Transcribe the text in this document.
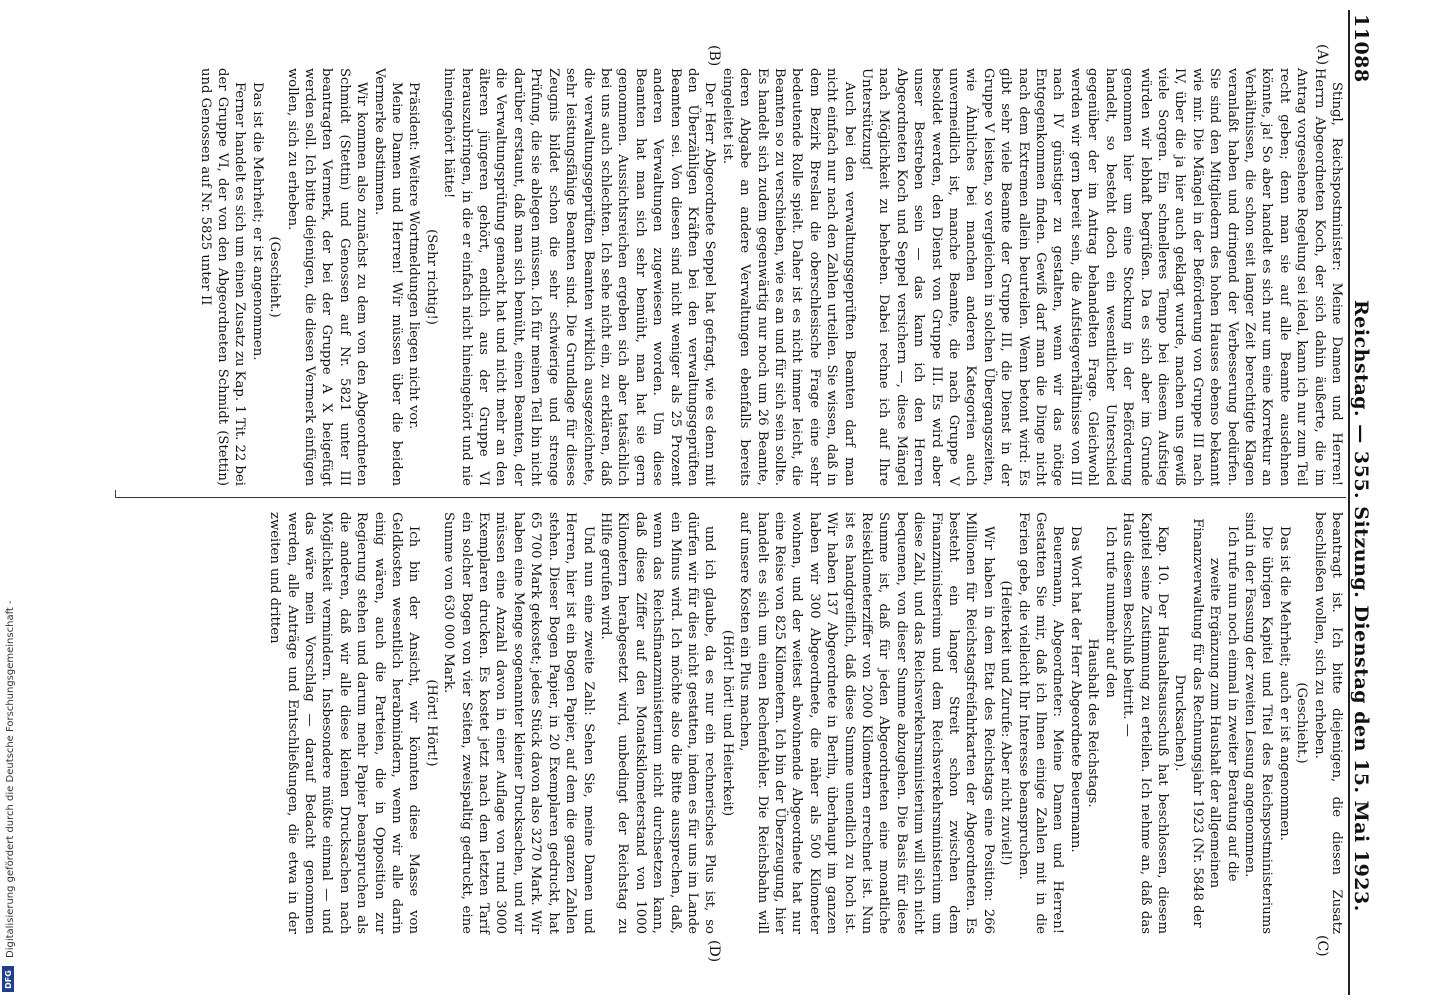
11088
Reichstag. — 355. Sitzung. Dienstag den 15. Mai 1923.
(A)
(B)
(C)
(D)

Stingl, Reichspostminister: Meine Damen und Herren! Herrn Abgeordneten Koch, der sich dahin äußerte, die im Antrag vorgesehene Regelung sei ideal, kann ich nur zum Teil recht geben; denn man sie auf alle Beamte ausdehnen könnte, ja! So aber handelt es sich nur um eine Korrektur an Verhältnissen, die schon seit langer Zeit berechtigte Klagen veranlaßt haben und dringend der Verbesserung bedürfen. Sie sind den Mitgliedern des hohen Hauses ebenso bekannt wie mir. Die Mängel in der Beförderung von Gruppe III nach IV, über die ja hier auch geklagt wurde, machen uns gewiß viele Sorgen. Ein schnelleres Tempo bei diesem Aufstieg würden wir lebhaft begrüßen. Da es sich aber im Grunde genommen hier um eine Stockung in der Beförderung handelt, so besteht doch ein wesentlicher Unterschied gegenüber der im Antrag behandelten Frage. Gleichwohl werden wir gern bereit sein, die Aufstiegverhältnisse von III nach IV günstiger zu gestalten, wenn wir das nötige Entgegenkommen finden. Gewiß darf man die Dinge nicht nach dem Extremen allein beurteilen. Wenn betont wird: Es gibt sehr viele Beamte der Gruppe III, die Dienst in der Gruppe V leisten, so vergleichen in solchen Übergangszeiten, wie Ähnliches bei manchen anderen Kategorien auch unvermeidlich ist, manche Beamte, die nach Gruppe V besoldet werden, den Dienst von Gruppe III. Es wird aber unser Bestreben sein — das kann ich den Herren Abgeordneten Koch und Seppel versichern —, diese Mängel nach Möglichkeit zu beheben. Dabei rechne ich auf Ihre Unterstützung!

Auch bei den verwaltungsgeprüften Beamten darf man nicht einfach nur nach den Zahlen urteilen. Sie wissen, daß in dem Bezirk Breslau die oberschlesische Frage eine sehr bedeutende Rolle spielt. Daher ist es nicht immer leicht, die Beamten so zu verschieben, wie es an und für sich sein sollte. Es handelt sich zudem gegenwärtig nur noch um 26 Beamte, deren Abgabe an andere Verwaltungen ebenfalls bereits eingeleitet ist.

Der Herr Abgeordnete Seppel hat gefragt, wie es denn mit den Überzähligen Kräften bei den verwaltungsgeprüften Beamten sei. Von diesen sind nicht weniger als 25 Prozent anderen Verwaltungen zugewiesen worden. Um diese Beamten hat man sich sehr bemüht, man hat sie gern genommen. Aussichtsreichen ergeben sich aber tatsächlich bei uns auch schlechten. Ich sehe nicht ein, zu erklären, daß die verwaltungsgeprüften Beamten wirklich ausgezeichnete, sehr leistungsfähige Beamten sind. Die Grundlage für dieses Zeugnis bildet schon die sehr schwierige und strenge Prüfung, die sie ablegen müssen. Ich für meinen Teil bin nicht darüber erstaunt, daß man sich bemüht, einen Beamten, der die Verwaltungsprüfung gemacht hat und nicht mehr an den älteren jüngeren gehört, endlich aus der Gruppe VI herauszubringen, in die er einfach nicht hineingehört und nie hineingehört hätte!

(Sehr richtig!)

Präsident: Weitere Wortmeldungen liegen nicht vor.

Meine Damen und Herren! Wir müssen über die beiden Vermerke abstimmen.

Wir kommen also zunächst zu dem von den Abgeordneten Schmidt (Stettin) und Genossen auf Nr. 5821 unter III beantragten Vermerk, der bei der Gruppe A X beigefügt werden soll. Ich bitte diejenigen, die diesen Vermerk einfügen wollen, sich zu erheben.

(Geschieht.)

Das ist die Mehrheit; er ist angenommen.

Ferner handelt es sich um einen Zusatz zu Kap. 1 Tit. 22 bei der Gruppe VI, der von den Abgeordneten Schmidt (Stettin) und Genossen auf Nr. 5825 unter II

beantragt ist. Ich bitte diejenigen, die diesen Zusatz beschließen wollen, sich zu erheben.

(Geschieht.)

Das ist die Mehrheit; auch er ist angenommen.

Die übrigen Kapitel und Titel des Reichspostministeriums sind in der Fassung der zweiten Lesung angenommen.

Ich rufe nun noch einmal in zweiter Beratung auf die

zweite Ergänzung zum Haushalt der allgemeinen Finanzverwaltung für das Rechnungsjahr 1923 (Nr. 5848 der Drucksachen).

Kap. 10. Der Haushaltsausschuß hat beschlossen, diesem Kapitel seine Zustimmung zu erteilen. Ich nehme an, daß das Haus diesem Beschluß beitritt. —

Ich rufe nunmehr auf den

Haushalt des Reichstags.

Das Wort hat der Herr Abgeordnete Beuermann.

Beuermann, Abgeordneter: Meine Damen und Herren! Gestatten Sie mir, daß ich Ihnen einige Zahlen mit in die Ferien gebe, die vielleicht Ihr Interesse beanspruchen.

(Heiterkeit und Zurufe: Aber nicht zuviel!)

Wir haben in dem Etat des Reichstags eine Position: 266 Millionen für Reichstagsfreifahrkarten der Abgeordneten. Es besteht ein langer Streit schon zwischen dem Finanzministerium und dem Reichsverkehrsministerium um diese Zahl, und das Reichsverkehrsministerium will sich nicht bequemen, von dieser Summe abzugehen. Die Basis für diese Summe ist, daß für jeden Abgeordneten eine monatliche Reisekilometerziffer von 2000 Kilometern errechnet ist. Nun ist es handgreiflich, daß diese Summe unendlich zu hoch ist. Wir haben 137 Abgeordnete in Berlin, überhaupt im ganzen haben wir 300 Abgeordnete, die näher als 500 Kilometer wohnen, und der weitest abwohnende Abgeordnete hat nur eine Reise von 825 Kilometern. Ich bin der Überzeugung, hier handelt es sich um einen Rechenfehler. Die Reichsbahn will auf unsere Kosten ein Plus machen,

(Hört! hört! und Heiterkeit)

und ich glaube, da es nur ein rechnerisches Plus ist, so dürfen wir für dies nicht gestatten, indem es für uns im Lande ein Minus wird. Ich möchte also die Bitte aussprechen, daß, wenn das Reichsfinanzministerium nicht durchsetzen kann, daß diese Ziffer auf den Monatskilometerstand von 1000 Kilometern herabgesetzt wird, unbedingt der Reichstag zu Hilfe gerufen wird.

Und nun eine zweite Zahl: Sehen Sie, meine Damen und Herren, hier ist ein Bogen Papier, auf dem die ganzen Zahlen stehen. Dieser Bogen Papier, in 20 Exemplaren gedruckt, hat 65 700 Mark gekostet; jedes Stück davon also 3270 Mark. Wir haben eine Menge sogenannter kleiner Drucksachen, und wir müssen eine Anzahl davon in einer Auflage von rund 3000 Exemplaren drucken. Es kostet jetzt nach dem letzten Tarif ein solcher Bogen von vier Seiten, zweispaltig gedruckt, eine Summe von 630 000 Mark.

(Hört! Hört!)

Ich bin der Ansicht, wir könnten diese Masse von Geldkosten wesentlich herabmindern, wenn wir alle darin einig wären, auch die Parteien, die in Opposition zur Regierung stehen und darum mehr Papier beanspruchen als die anderen, daß wir alle diese kleinen Drucksachen nach Möglichkeit vermindern. Insbesondere müßte einmal — und das wäre mein Vorschlag — darauf Bedacht genommen werden, alle Anträge und Entschließungen, die etwa in der zweiten und dritten

Digitalisierung gefördert durch die Deutsche Forschungsgemeinschaft -
DFG
